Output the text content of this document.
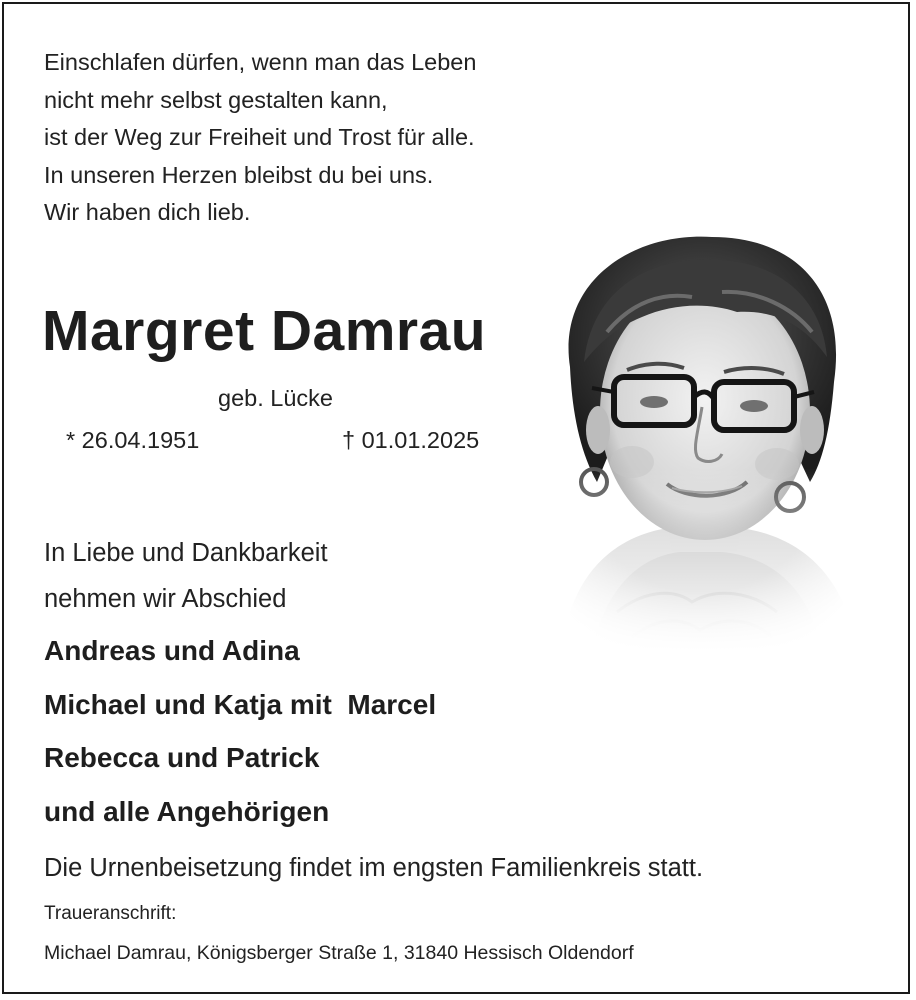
Einschlafen dürfen, wenn man das Leben
nicht mehr selbst gestalten kann,
ist der Weg zur Freiheit und Trost für alle.
In unseren Herzen bleibst du bei uns.
Wir haben dich lieb.

Margret Damrau
geb. Lücke
* 26.04.1951	† 01.01.2025

In Liebe und Dankbarkeit
nehmen wir Abschied

Andreas und Adina
Michael und Katja mit  Marcel
Rebecca und Patrick
und alle Angehörigen

Die Urnenbeisetzung findet im engsten Familienkreis statt.
Traueranschrift:
Michael Damrau, Königsberger Straße 1, 31840 Hessisch Oldendorf
